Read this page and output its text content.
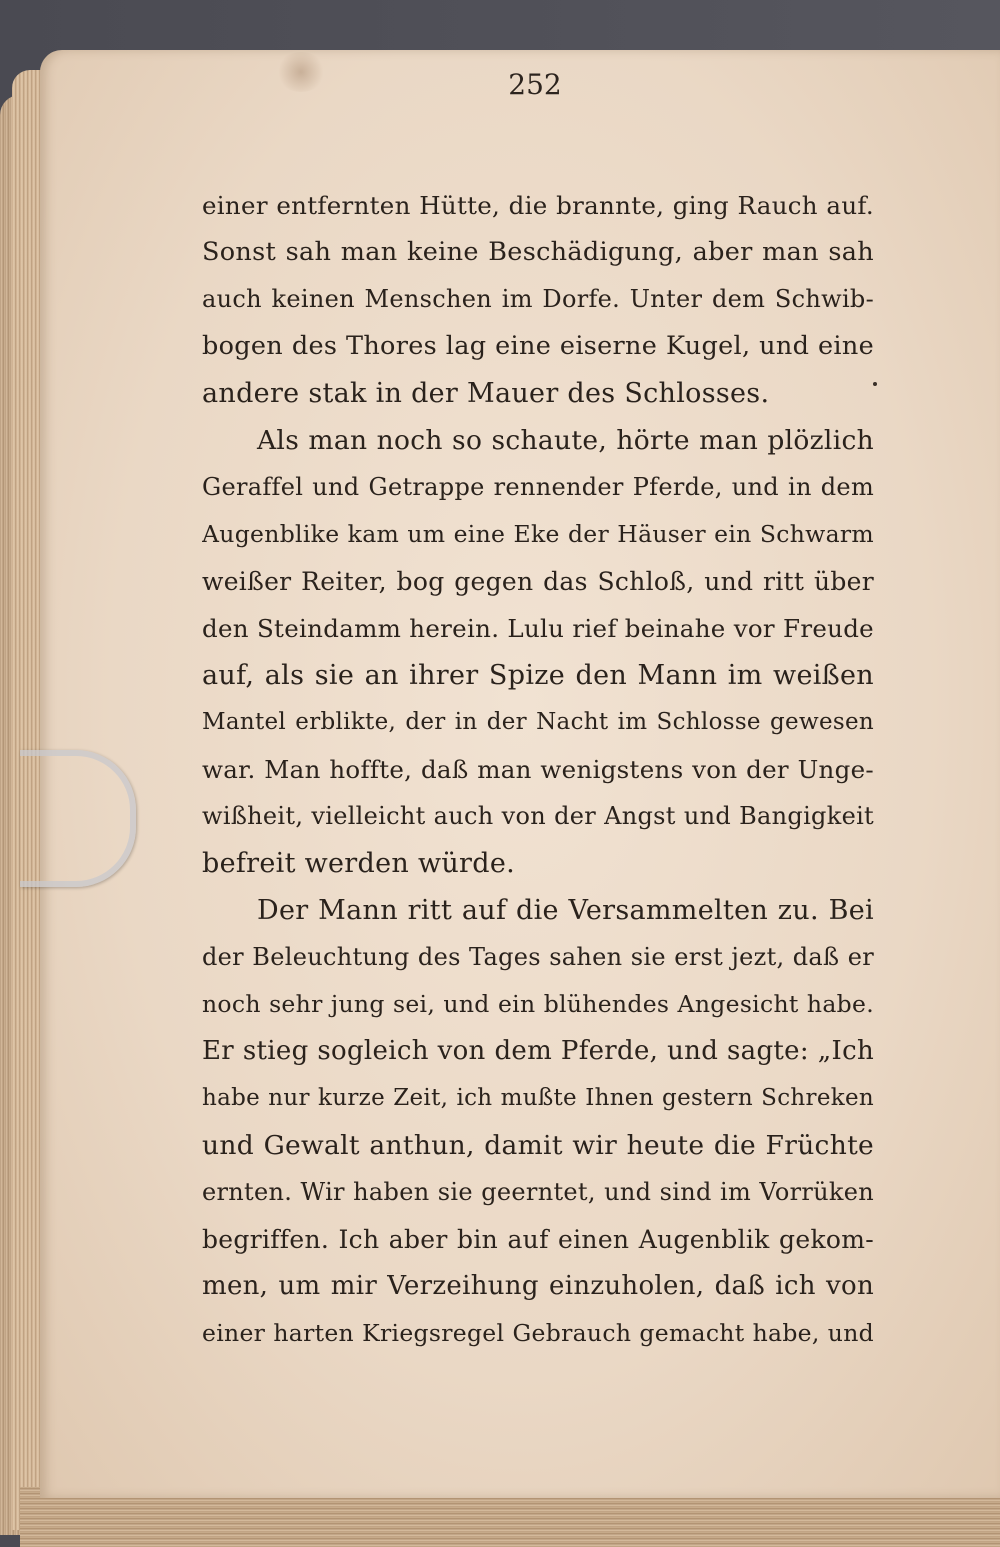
252
einer entfernten Hütte, die brannte, ging Rauch auf.
Sonst sah man keine Beschädigung, aber man sah
auch keinen Menschen im Dorfe. Unter dem Schwib-
bogen des Thores lag eine eiserne Kugel, und eine
andere stak in der Mauer des Schlosses.
Als man noch so schaute, hörte man plözlich
Geraffel und Getrappe rennender Pferde, und in dem
Augenblike kam um eine Eke der Häuser ein Schwarm
weißer Reiter, bog gegen das Schloß, und ritt über
den Steindamm herein. Lulu rief beinahe vor Freude
auf, als sie an ihrer Spize den Mann im weißen
Mantel erblikte, der in der Nacht im Schlosse gewesen
war. Man hoffte, daß man wenigstens von der Unge-
wißheit, vielleicht auch von der Angst und Bangigkeit
befreit werden würde.
Der Mann ritt auf die Versammelten zu. Bei
der Beleuchtung des Tages sahen sie erst jezt, daß er
noch sehr jung sei, und ein blühendes Angesicht habe.
Er stieg sogleich von dem Pferde, und sagte: „Ich
habe nur kurze Zeit, ich mußte Ihnen gestern Schreken
und Gewalt anthun, damit wir heute die Früchte
ernten. Wir haben sie geerntet, und sind im Vorrüken
begriffen. Ich aber bin auf einen Augenblik gekom-
men, um mir Verzeihung einzuholen, daß ich von
einer harten Kriegsregel Gebrauch gemacht habe, und
